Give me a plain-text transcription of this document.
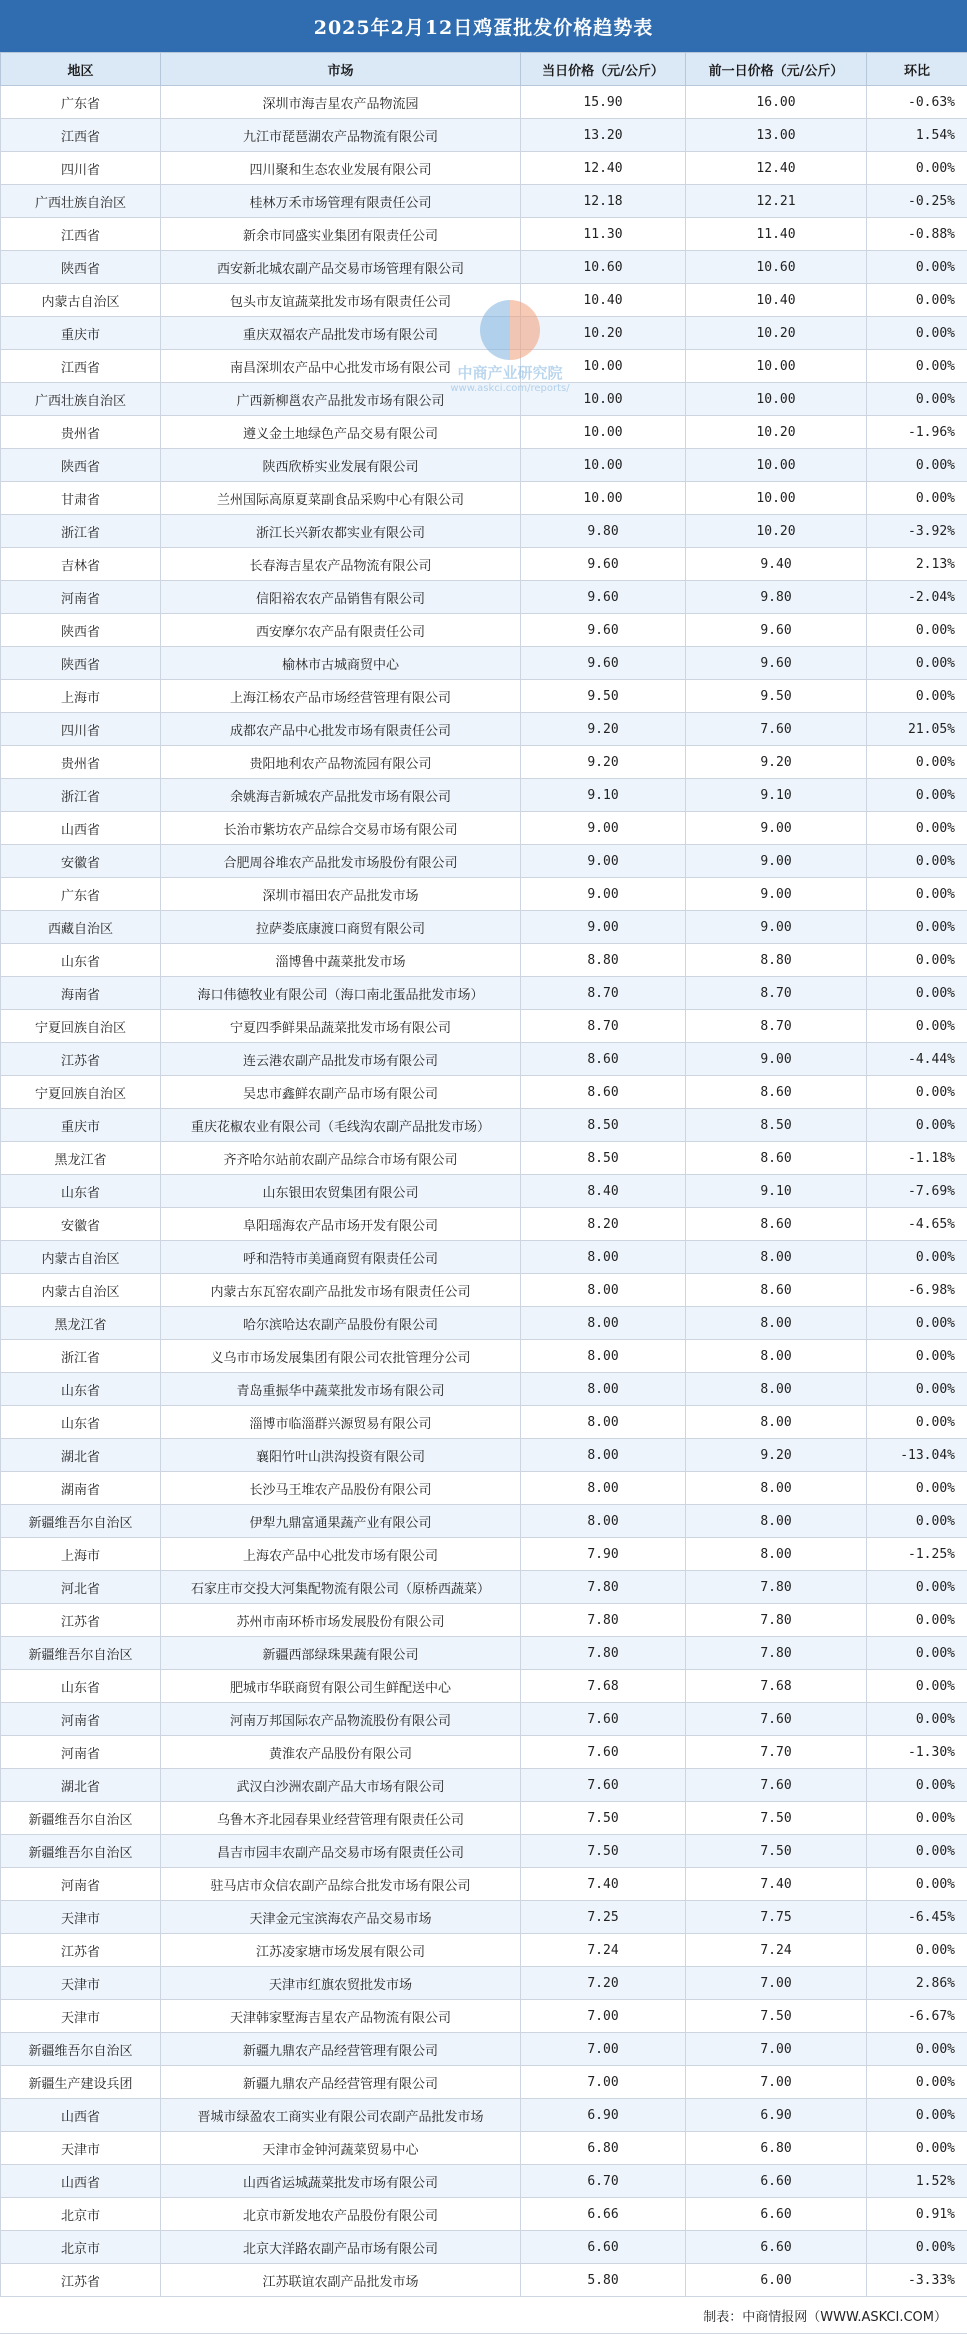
2025年2月12日鸡蛋批发价格趋势表
地区	市场	当日价格（元/公斤）	前一日价格（元/公斤）	环比
广东省	深圳市海吉星农产品物流园	15.90	16.00	-0.63%
江西省	九江市琵琶湖农产品物流有限公司	13.20	13.00	1.54%
四川省	四川聚和生态农业发展有限公司	12.40	12.40	0.00%
广西壮族自治区	桂林万禾市场管理有限责任公司	12.18	12.21	-0.25%
江西省	新余市同盛实业集团有限责任公司	11.30	11.40	-0.88%
陕西省	西安新北城农副产品交易市场管理有限公司	10.60	10.60	0.00%
内蒙古自治区	包头市友谊蔬菜批发市场有限责任公司	10.40	10.40	0.00%
重庆市	重庆双福农产品批发市场有限公司	10.20	10.20	0.00%
江西省	南昌深圳农产品中心批发市场有限公司	10.00	10.00	0.00%
广西壮族自治区	广西新柳邕农产品批发市场有限公司	10.00	10.00	0.00%
贵州省	遵义金土地绿色产品交易有限公司	10.00	10.20	-1.96%
陕西省	陕西欣桥实业发展有限公司	10.00	10.00	0.00%
甘肃省	兰州国际高原夏菜副食品采购中心有限公司	10.00	10.00	0.00%
浙江省	浙江长兴新农都实业有限公司	9.80	10.20	-3.92%
吉林省	长春海吉星农产品物流有限公司	9.60	9.40	2.13%
河南省	信阳裕农农产品销售有限公司	9.60	9.80	-2.04%
陕西省	西安摩尔农产品有限责任公司	9.60	9.60	0.00%
陕西省	榆林市古城商贸中心	9.60	9.60	0.00%
上海市	上海江杨农产品市场经营管理有限公司	9.50	9.50	0.00%
四川省	成都农产品中心批发市场有限责任公司	9.20	7.60	21.05%
贵州省	贵阳地利农产品物流园有限公司	9.20	9.20	0.00%
浙江省	余姚海吉新城农产品批发市场有限公司	9.10	9.10	0.00%
山西省	长治市紫坊农产品综合交易市场有限公司	9.00	9.00	0.00%
安徽省	合肥周谷堆农产品批发市场股份有限公司	9.00	9.00	0.00%
广东省	深圳市福田农产品批发市场	9.00	9.00	0.00%
西藏自治区	拉萨娄底康渡口商贸有限公司	9.00	9.00	0.00%
山东省	淄博鲁中蔬菜批发市场	8.80	8.80	0.00%
海南省	海口伟德牧业有限公司（海口南北蛋品批发市场）	8.70	8.70	0.00%
宁夏回族自治区	宁夏四季鲜果品蔬菜批发市场有限公司	8.70	8.70	0.00%
江苏省	连云港农副产品批发市场有限公司	8.60	9.00	-4.44%
宁夏回族自治区	吴忠市鑫鲜农副产品市场有限公司	8.60	8.60	0.00%
重庆市	重庆花椒农业有限公司（毛线沟农副产品批发市场）	8.50	8.50	0.00%
黑龙江省	齐齐哈尔站前农副产品综合市场有限公司	8.50	8.60	-1.18%
山东省	山东银田农贸集团有限公司	8.40	9.10	-7.69%
安徽省	阜阳瑶海农产品市场开发有限公司	8.20	8.60	-4.65%
内蒙古自治区	呼和浩特市美通商贸有限责任公司	8.00	8.00	0.00%
内蒙古自治区	内蒙古东瓦窑农副产品批发市场有限责任公司	8.00	8.60	-6.98%
黑龙江省	哈尔滨哈达农副产品股份有限公司	8.00	8.00	0.00%
浙江省	义乌市市场发展集团有限公司农批管理分公司	8.00	8.00	0.00%
山东省	青岛重振华中蔬菜批发市场有限公司	8.00	8.00	0.00%
山东省	淄博市临淄群兴源贸易有限公司	8.00	8.00	0.00%
湖北省	襄阳竹叶山洪沟投资有限公司	8.00	9.20	-13.04%
湖南省	长沙马王堆农产品股份有限公司	8.00	8.00	0.00%
新疆维吾尔自治区	伊犁九鼎富通果蔬产业有限公司	8.00	8.00	0.00%
上海市	上海农产品中心批发市场有限公司	7.90	8.00	-1.25%
河北省	石家庄市交投大河集配物流有限公司（原桥西蔬菜）	7.80	7.80	0.00%
江苏省	苏州市南环桥市场发展股份有限公司	7.80	7.80	0.00%
新疆维吾尔自治区	新疆西部绿珠果蔬有限公司	7.80	7.80	0.00%
山东省	肥城市华联商贸有限公司生鲜配送中心	7.68	7.68	0.00%
河南省	河南万邦国际农产品物流股份有限公司	7.60	7.60	0.00%
河南省	黄淮农产品股份有限公司	7.60	7.70	-1.30%
湖北省	武汉白沙洲农副产品大市场有限公司	7.60	7.60	0.00%
新疆维吾尔自治区	乌鲁木齐北园春果业经营管理有限责任公司	7.50	7.50	0.00%
新疆维吾尔自治区	昌吉市园丰农副产品交易市场有限责任公司	7.50	7.50	0.00%
河南省	驻马店市众信农副产品综合批发市场有限公司	7.40	7.40	0.00%
天津市	天津金元宝滨海农产品交易市场	7.25	7.75	-6.45%
江苏省	江苏凌家塘市场发展有限公司	7.24	7.24	0.00%
天津市	天津市红旗农贸批发市场	7.20	7.00	2.86%
天津市	天津韩家墅海吉星农产品物流有限公司	7.00	7.50	-6.67%
新疆维吾尔自治区	新疆九鼎农产品经营管理有限公司	7.00	7.00	0.00%
新疆生产建设兵团	新疆九鼎农产品经营管理有限公司	7.00	7.00	0.00%
山西省	晋城市绿盈农工商实业有限公司农副产品批发市场	6.90	6.90	0.00%
天津市	天津市金钟河蔬菜贸易中心	6.80	6.80	0.00%
山西省	山西省运城蔬菜批发市场有限公司	6.70	6.60	1.52%
北京市	北京市新发地农产品股份有限公司	6.66	6.60	0.91%
北京市	北京大洋路农副产品市场有限公司	6.60	6.60	0.00%
江苏省	江苏联谊农副产品批发市场	5.80	6.00	-3.33%
制表：中商情报网（WWW.ASKCI.COM）
中商产业研究院
www.askci.com/reports/
